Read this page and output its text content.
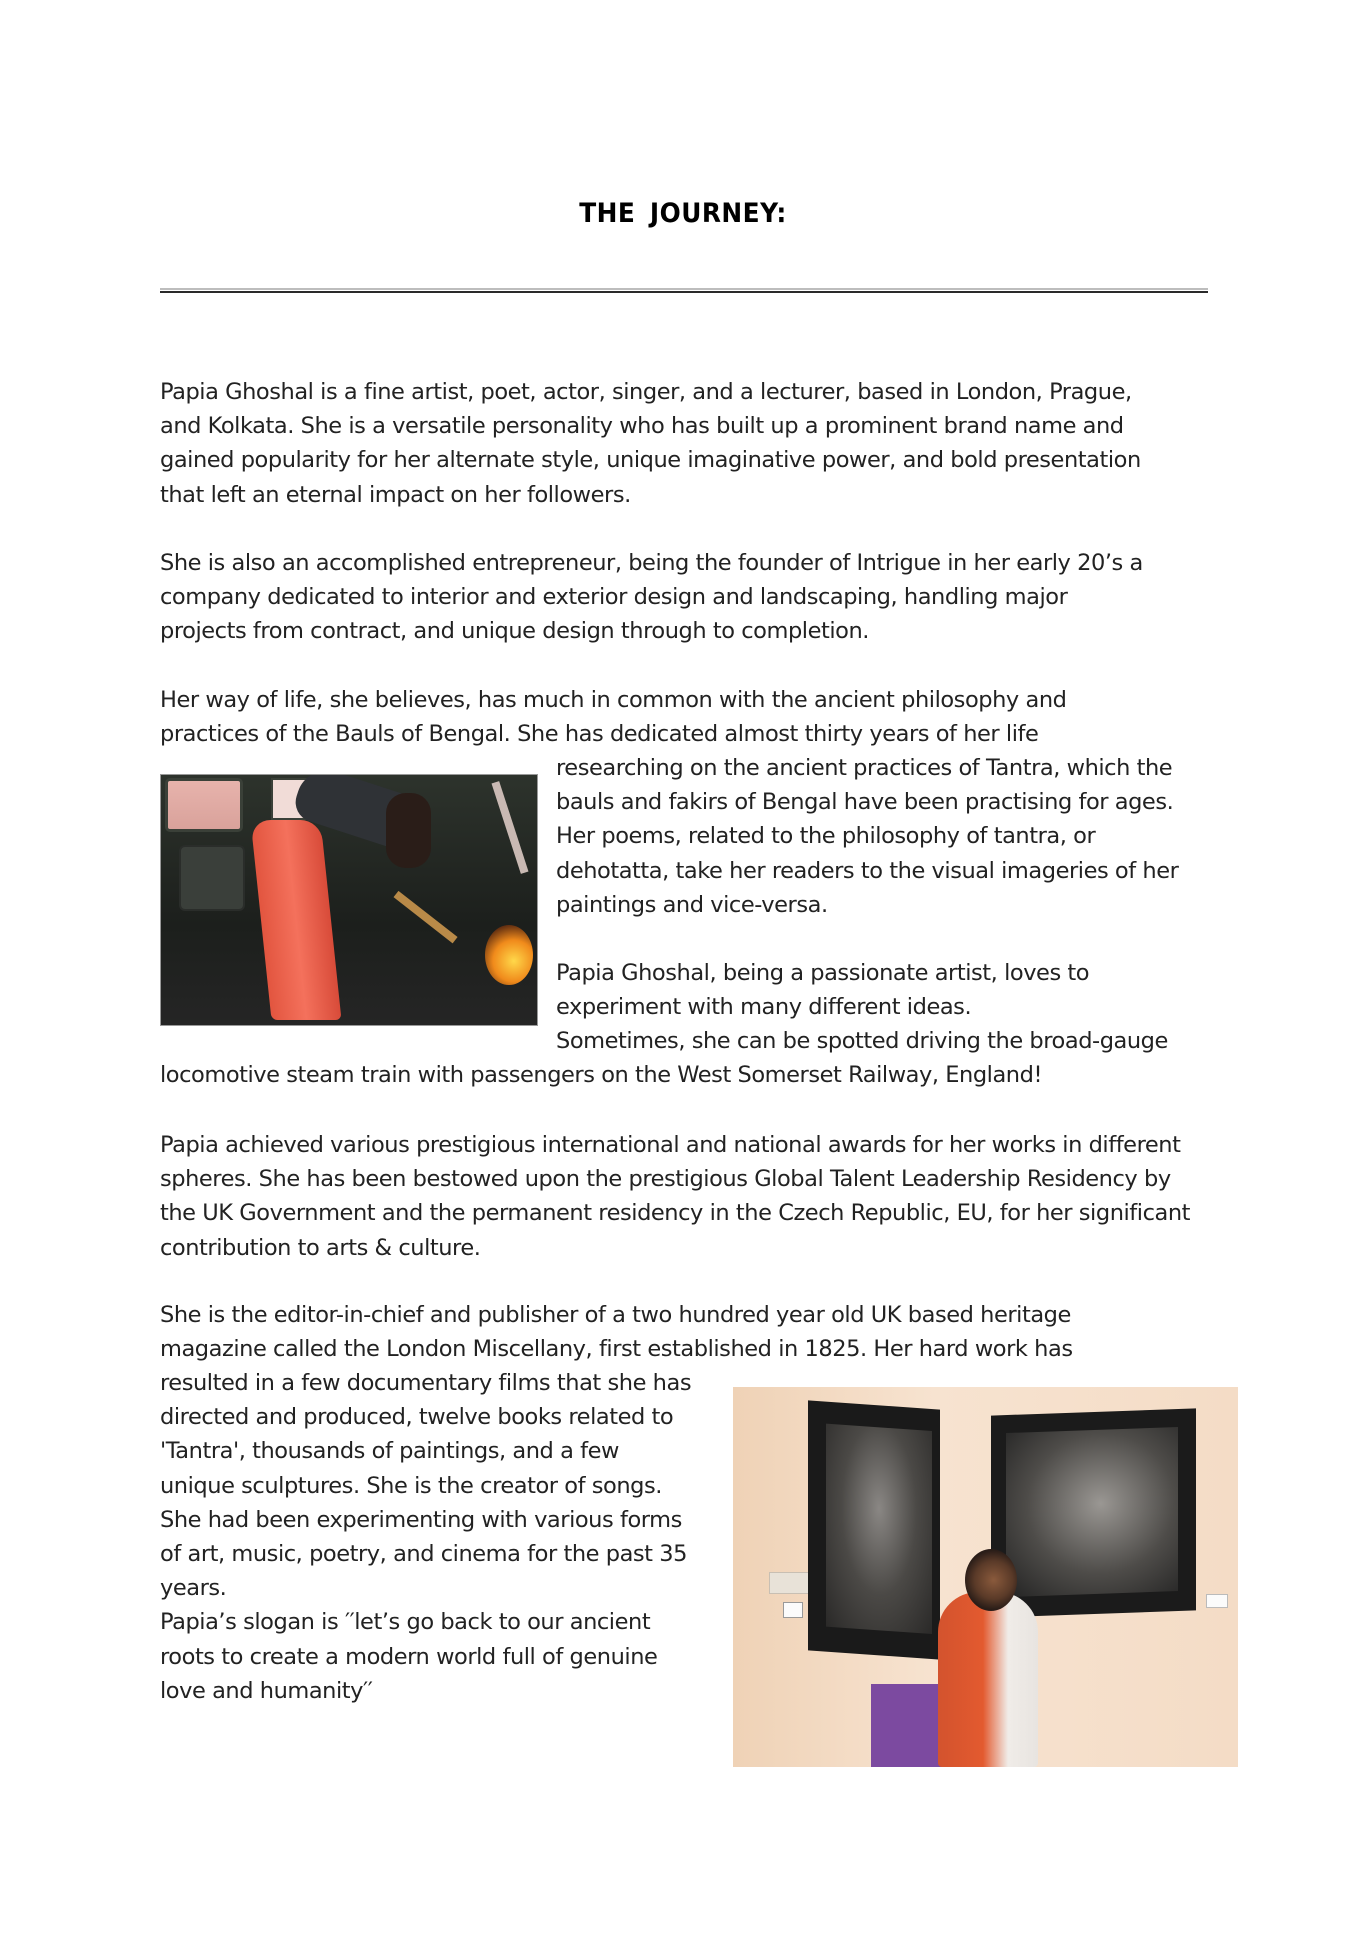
THE JOURNEY:
Papia Ghoshal is a fine artist, poet, actor, singer, and a lecturer, based in London, Prague,
and Kolkata. She is a versatile personality who has built up a prominent brand name and
gained popularity for her alternate style, unique imaginative power, and bold presentation
that left an eternal impact on her followers.
She is also an accomplished entrepreneur, being the founder of Intrigue in her early 20’s a
company dedicated to interior and exterior design and landscaping, handling major
projects from contract, and unique design through to completion.
Her way of life, she believes, has much in common with the ancient philosophy and
practices of the Bauls of Bengal. She has dedicated almost thirty years of her life
researching on the ancient practices of Tantra, which the
bauls and fakirs of Bengal have been practising for ages.
Her poems, related to the philosophy of tantra, or
dehotatta, take her readers to the visual imageries of her
paintings and vice-versa.
Papia Ghoshal, being a passionate artist, loves to
experiment with many different ideas.
Sometimes, she can be spotted driving the broad-gauge
locomotive steam train with passengers on the West Somerset Railway, England!
Papia achieved various prestigious international and national awards for her works in different
spheres. She has been bestowed upon the prestigious Global Talent Leadership Residency by
the UK Government and the permanent residency in the Czech Republic, EU, for her significant
contribution to arts & culture.
She is the editor-in-chief and publisher of a two hundred year old UK based heritage
magazine called the London Miscellany, first established in 1825. Her hard work has
resulted in a few documentary films that she has
directed and produced, twelve books related to
'Tantra', thousands of paintings, and a few
unique sculptures. She is the creator of songs.
She had been experimenting with various forms
of art, music, poetry, and cinema for the past 35
years.
Papia’s slogan is ′′let’s go back to our ancient
roots to create a modern world full of genuine
love and humanity′′
